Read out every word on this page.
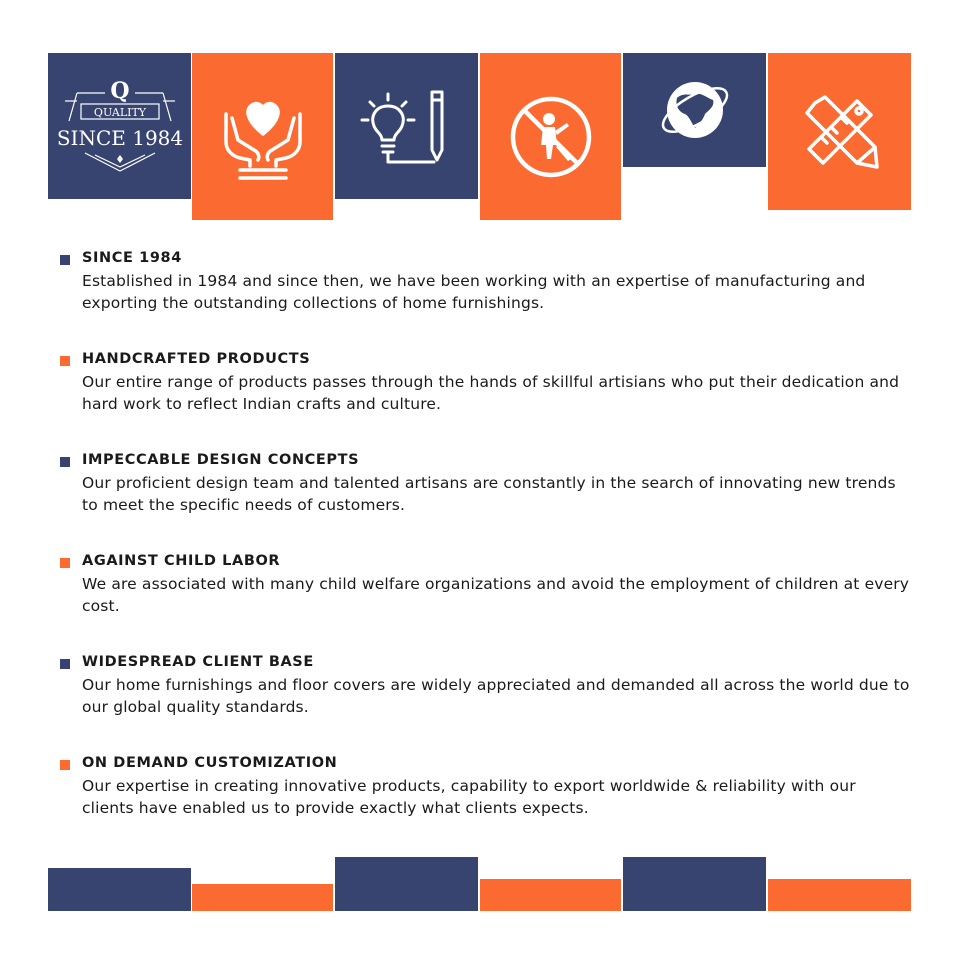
Q
QUALITY
SINCE 1984
SINCE 1984
Established in 1984 and since then, we have been working with an expertise of manufacturing and exporting the outstanding collections of home furnishings.
HANDCRAFTED PRODUCTS
Our entire range of products passes through the hands of skillful artisians who put their dedication and hard work to reflect Indian crafts and culture.
IMPECCABLE DESIGN CONCEPTS
Our proficient design team and talented artisans are constantly in the search of innovating new trends to meet the specific needs of customers.
AGAINST CHILD LABOR
We are associated with many child welfare organizations and avoid the employment of children at every cost.
WIDESPREAD CLIENT BASE
Our home furnishings and floor covers are widely appreciated and demanded all across the world due to our global quality standards.
ON DEMAND CUSTOMIZATION
Our expertise in creating innovative products, capability to export worldwide & reliability with our clients have enabled us to provide exactly what clients expects.
